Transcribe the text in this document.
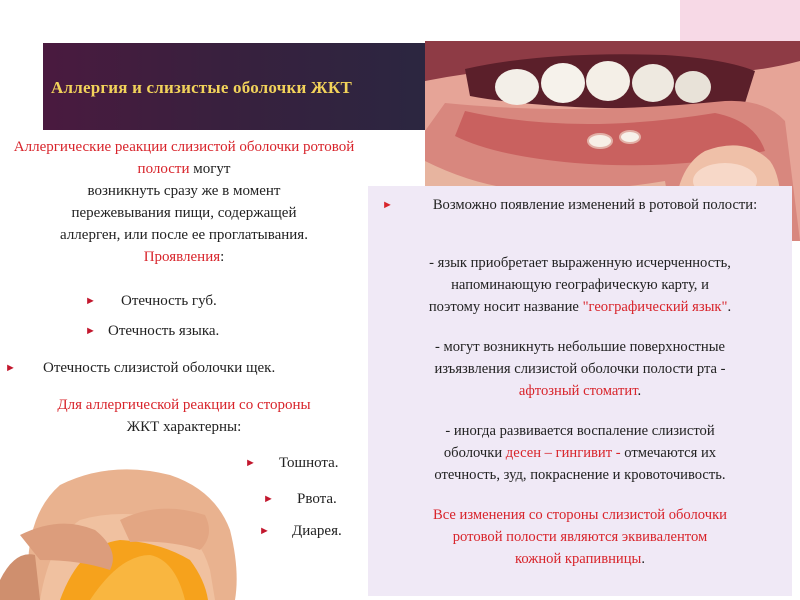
Аллергия и слизистые оболочки ЖКТ
Аллергические реакции слизистой оболочки ротовой полости могут
возникнуть сразу же в момент
пережевывания пищи, содержащей
аллерген, или после ее проглатывания.
Проявления:
► Отечность губ.
► Отечность языка.
► Отечность слизистой оболочки щек.
Для аллергической реакции со стороны
ЖКТ характерны:
► Тошнота.
► Рвота.
► Диарея.
►	Возможно появление изменений в ротовой полости:
- язык приобретает выраженную исчерченность,
напоминающую географическую карту, и
поэтому носит название "географический язык".
- могут возникнуть небольшие поверхностные
изъязвления слизистой оболочки полости рта -
афтозный стоматит.
- иногда развивается воспаление слизистой
оболочки десен – гингивит - отмечаются их
отечность, зуд, покраснение и кровоточивость.
Все изменения со стороны слизистой оболочки
ротовой полости являются эквивалентом
кожной крапивницы.
